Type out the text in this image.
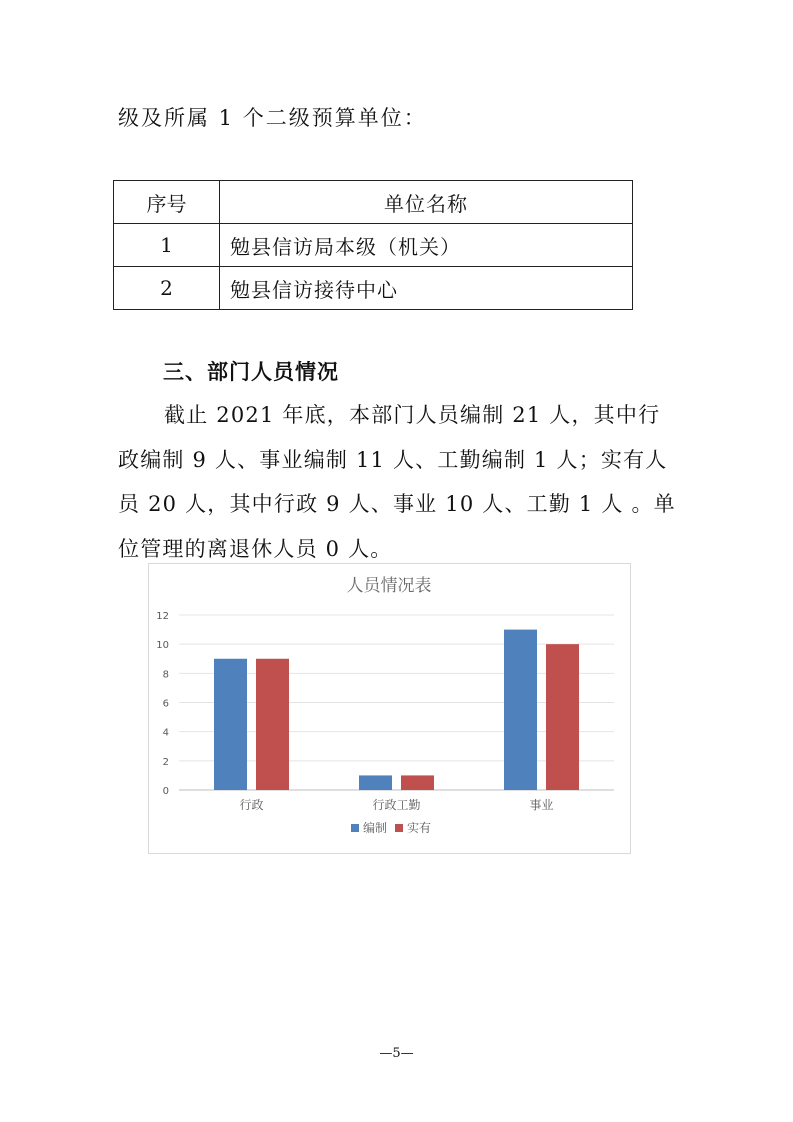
级及所属 1 个二级预算单位：
序号	单位名称
1	勉县信访局本级（机关）
2	勉县信访接待中心
三、部门人员情况

截止 2021 年底，本部门人员编制 21 人，其中行政编制 9 人、事业编制 11 人、工勤编制 1 人；实有人员 20 人，其中行政 9 人、事业 10 人、工勤 1 人 。单位管理的离退休人员 0 人。

人员情况表
0
2
4
6
8
10
12
行政	行政工勤	事业
编制 实有
—5—
